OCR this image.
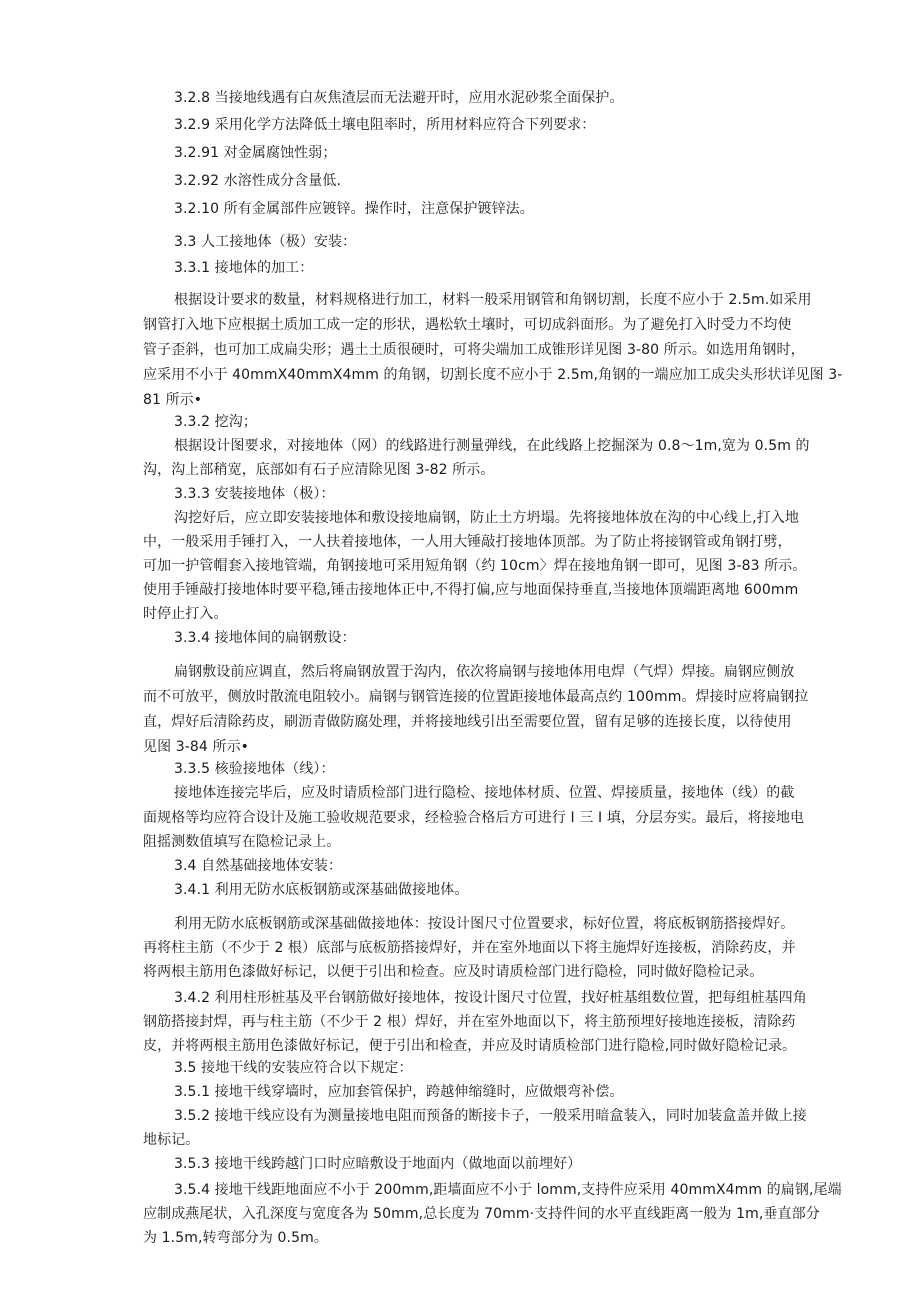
3.2.8 当接地线遇有白灰焦渣层而无法避开时，应用水泥砂浆全面保护。
3.2.9 采用化学方法降低土壤电阻率时，所用材料应符合下列要求：
3.2.91 对金属腐蚀性弱；
3.2.92 水溶性成分含量低.
3.2.10 所有金属部件应镀锌。操作时，注意保护镀锌法。
3.3 人工接地体（极）安装：
3.3.1 接地体的加工：
根据设计要求的数量，材料规格进行加工，材料一般采用钢管和角钢切割，长度不应小于 2.5m.如采用
钢管打入地下应根据土质加工成一定的形状，遇松软土壤时，可切成斜面形。为了避免打入时受力不均使
管子歪斜，也可加工成扁尖形；遇土土质很硬时，可将尖端加工成锥形详见图 3-80 所示。如选用角钢时，
应采用不小于 40mmX40mmX4mm 的角钢，切割长度不应小于 2.5m,角钢的一端应加工成尖头形状详见图 3-
81 所示•
3.3.2 挖沟；
根据设计图要求，对接地体（网）的线路进行测量弹线，在此线路上挖掘深为 0.8～1m,宽为 0.5m 的
沟，沟上部稍宽，底部如有石子应清除见图 3-82 所示。
3.3.3 安装接地体（极）：
沟挖好后，应立即安装接地体和敷设接地扁钢，防止土方坍塌。先将接地体放在沟的中心线上,打入地
中，一般采用手锤打入，一人扶着接地体，一人用大锤敲打接地体顶部。为了防止将接钢管或角钢打劈，
可加一护管帽套入接地管端，角钢接地可采用短角钢（约 10cm〉焊在接地角钢一即可，见图 3-83 所示。
使用手锤敲打接地体时要平稳,锤击接地体正中,不得打偏,应与地面保持垂直,当接地体顶端距离地 600mm
时停止打入。
3.3.4 接地体间的扁钢敷设：
扁钢敷设前应调直，然后将扁钢放置于沟内，依次将扁钢与接地体用电焊（气焊）焊接。扁钢应侧放
而不可放平，侧放时散流电阻较小。扁钢与钢管连接的位置距接地体最高点约 100mm。焊接时应将扁钢拉
直，焊好后清除药皮，刷沥青做防腐处理，并将接地线引出至需要位置，留有足够的连接长度，以待使用
见图 3-84 所示•
3.3.5 核验接地体（线）：
接地体连接完毕后，应及时请质检部门进行隐检、接地体材质、位置、焊接质量，接地体（线）的截
面规格等均应符合设计及施工验收规范要求，经检验合格后方可进行 I 三 I 填，分层夯实。最后，将接地电
阻摇测数值填写在隐检记录上。
3.4 自然基础接地体安装：
3.4.1 利用无防水底板钢筋或深基础做接地体。
利用无防水底板钢筋或深基础做接地体：按设计图尺寸位置要求，标好位置，将底板钢筋搭接焊好。
再将柱主筋（不少于 2 根）底部与底板筋搭接焊好，并在室外地面以下将主施焊好连接板，消除药皮，并
将两根主筋用色漆做好标记，以便于引出和检查。应及时请质检部门进行隐检，同时做好隐检记录。
3.4.2 利用柱形桩基及平台钢筋做好接地体，按设计图尺寸位置，找好桩基组数位置，把每组桩基四角
钢筋搭接封焊，再与柱主筋（不少于 2 根）焊好，并在室外地面以下，将主筋预埋好接地连接板，清除药
皮，并将两根主筋用色漆做好标记，便于引出和检查，并应及时请质检部门进行隐检,同时做好隐检记录。
3.5 接地干线的安装应符合以下规定：
3.5.1 接地干线穿墙时，应加套管保护，跨越伸缩缝时，应做煨弯补偿。
3.5.2 接地干线应设有为测量接地电阻而预备的断接卡子，一般采用暗盒装入，同时加装盒盖并做上接
地标记。
3.5.3 接地干线跨越门口时应暗敷设于地面内（做地面以前埋好）
3.5.4 接地干线距地面应不小于 200mm,距墙面应不小于 lomm,支持件应采用 40mmX4mm 的扁钢,尾端
应制成燕尾状，入孔深度与宽度各为 50mm,总长度为 70mm·支持件间的水平直线距离一般为 1m,垂直部分
为 1.5m,转弯部分为 0.5m。
